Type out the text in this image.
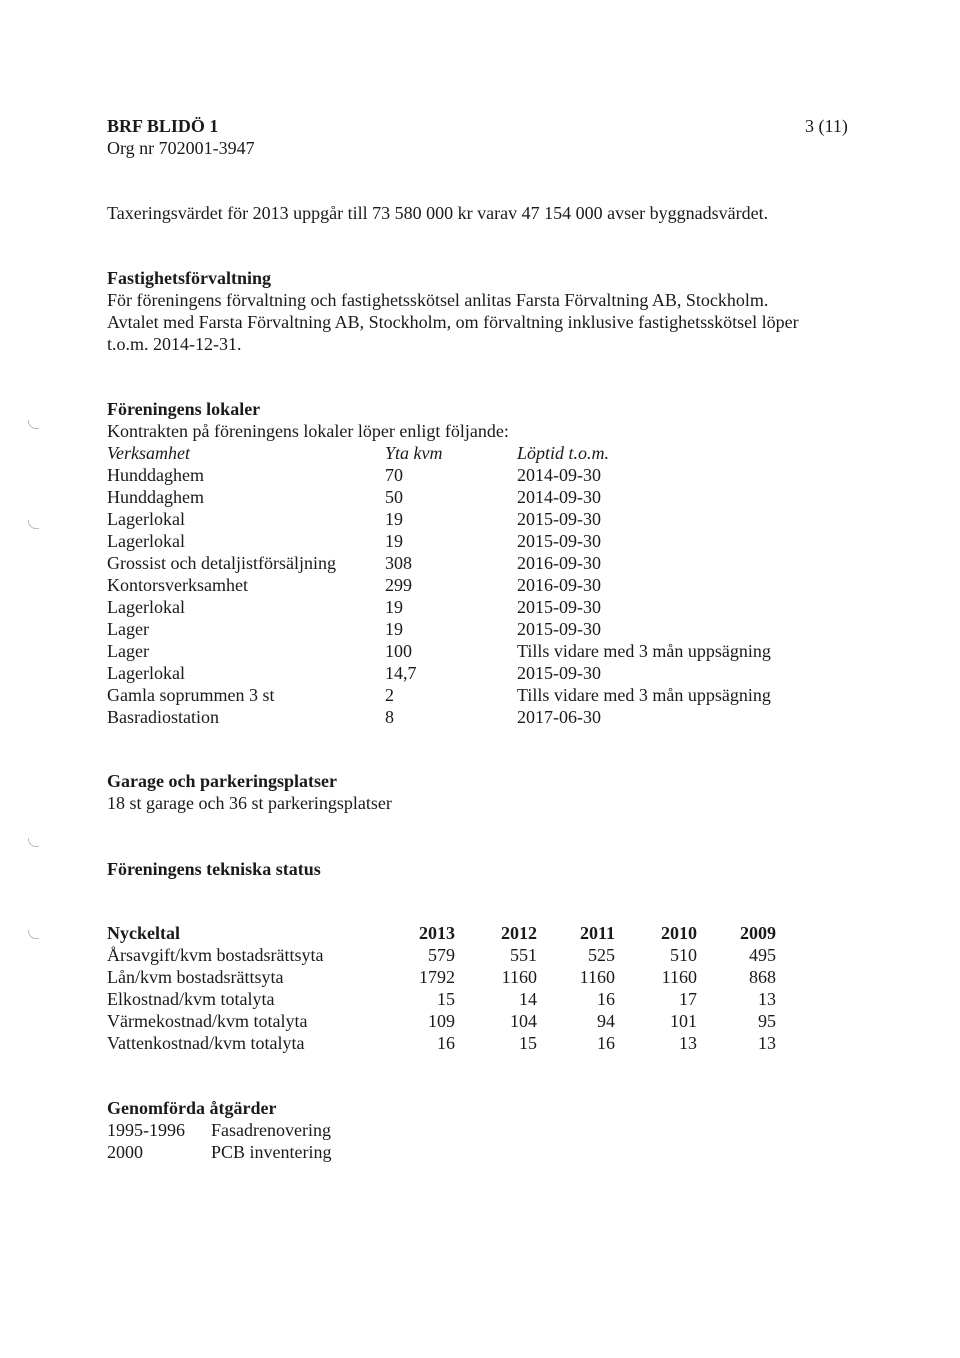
BRF BLIDÖ 1
Org nr 702001-3947
3 (11)
Taxeringsvärdet för 2013 uppgår till 73 580 000 kr varav 47 154 000 avser byggnadsvärdet.
Fastighetsförvaltning
För föreningens förvaltning och fastighetsskötsel anlitas Farsta Förvaltning AB, Stockholm.
Avtalet med Farsta Förvaltning AB, Stockholm, om förvaltning inklusive fastighetsskötsel löper
t.o.m. 2014-12-31.
Föreningens lokaler
Kontrakten på föreningens lokaler löper enligt följande:
Verksamhet	Yta kvm	Löptid t.o.m.
Hunddaghem	70	2014-09-30
Hunddaghem	50	2014-09-30
Lagerlokal	19	2015-09-30
Lagerlokal	19	2015-09-30
Grossist och detaljistförsäljning	308	2016-09-30
Kontorsverksamhet	299	2016-09-30
Lagerlokal	19	2015-09-30
Lager	19	2015-09-30
Lager	100	Tills vidare med 3 mån uppsägning
Lagerlokal	14,7	2015-09-30
Gamla soprummen 3 st	2	Tills vidare med 3 mån uppsägning
Basradiostation	8	2017-06-30
Garage och parkeringsplatser
18 st garage och 36 st parkeringsplatser
Föreningens tekniska status
Nyckeltal	2013	2012	2011	2010	2009
Årsavgift/kvm bostadsrättsyta	579	551	525	510	495
Lån/kvm bostadsrättsyta	1792	1160	1160	1160	868
Elkostnad/kvm totalyta	15	14	16	17	13
Värmekostnad/kvm totalyta	109	104	94	101	95
Vattenkostnad/kvm totalyta	16	15	16	13	13
Genomförda åtgärder
1995-1996 Fasadrenovering
2000	PCB inventering
